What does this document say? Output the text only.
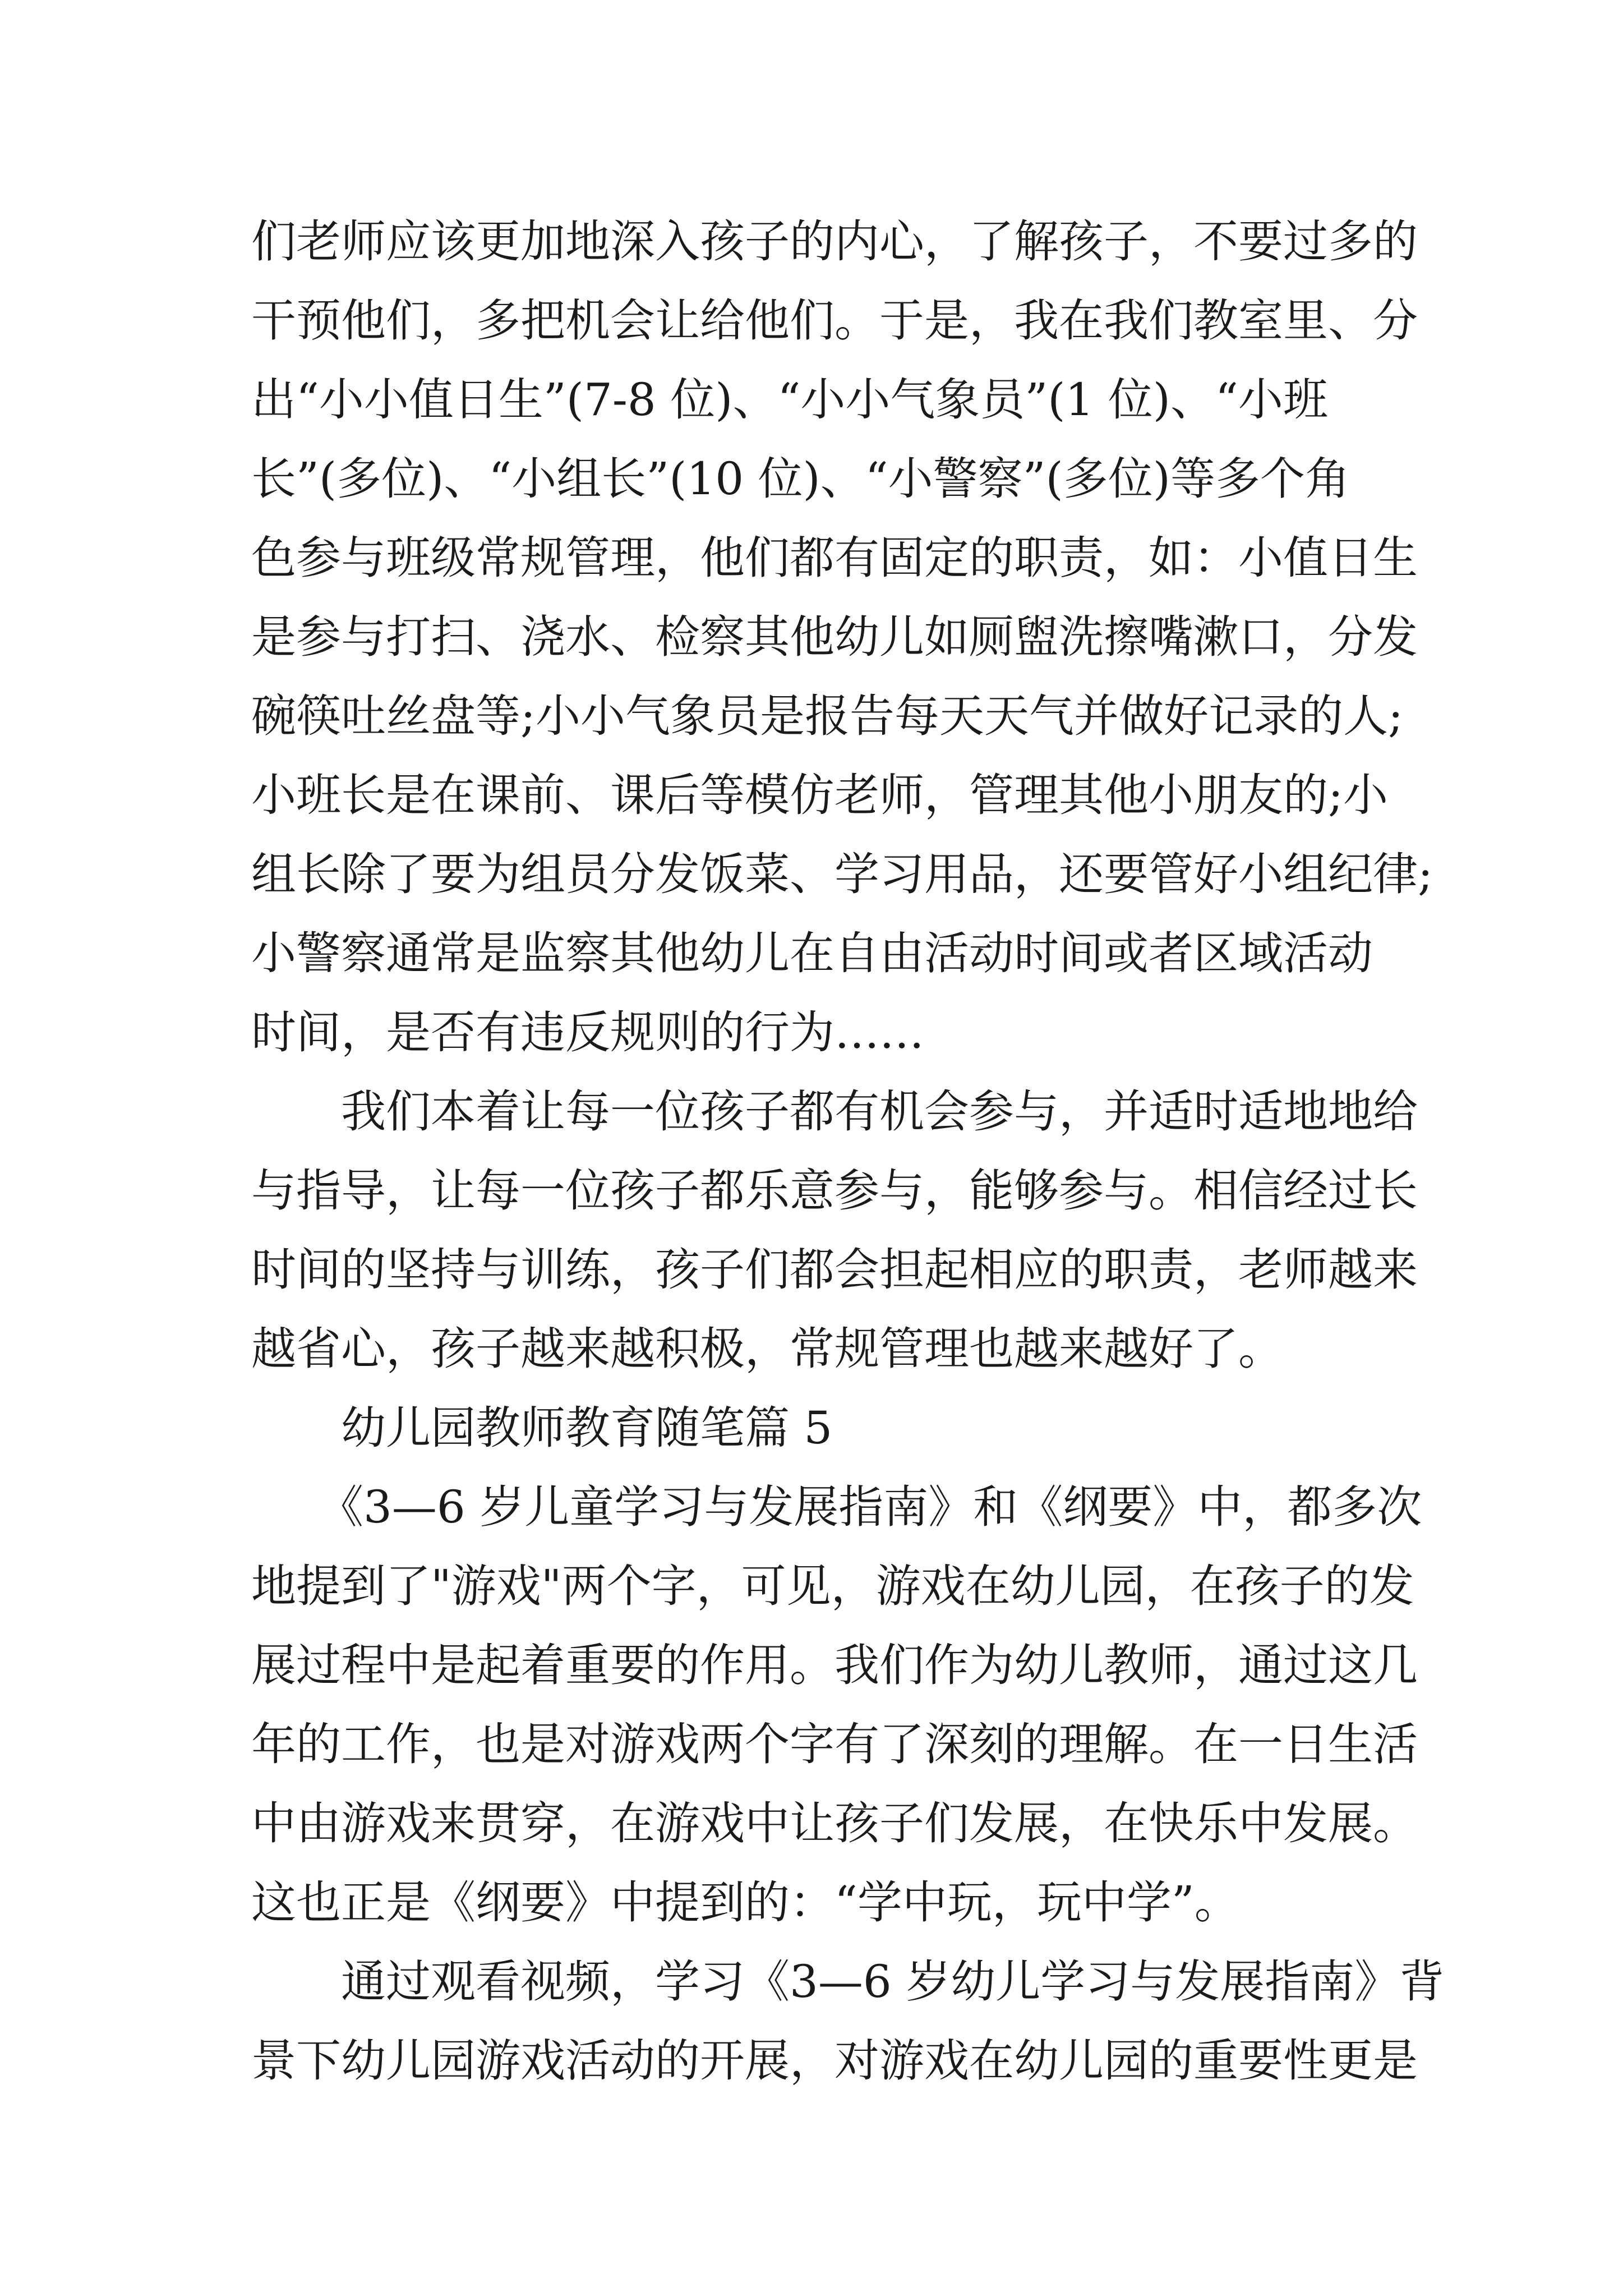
们老师应该更加地深入孩子的内心，了解孩子，不要过多的
干预他们，多把机会让给他们。于是，我在我们教室里、分
出“小小值日生”(7-8 位)、“小小气象员”(1 位)、“小班
长”(多位)、“小组长”(10 位)、“小警察”(多位)等多个角
色参与班级常规管理，他们都有固定的职责，如：小值日生
是参与打扫、浇水、检察其他幼儿如厕盥洗擦嘴漱口，分发
碗筷吐丝盘等;小小气象员是报告每天天气并做好记录的人;
小班长是在课前、课后等模仿老师，管理其他小朋友的;小
组长除了要为组员分发饭菜、学习用品，还要管好小组纪律;
小警察通常是监察其他幼儿在自由活动时间或者区域活动
时间，是否有违反规则的行为……
　　我们本着让每一位孩子都有机会参与，并适时适地地给
与指导，让每一位孩子都乐意参与，能够参与。相信经过长
时间的坚持与训练，孩子们都会担起相应的职责，老师越来
越省心，孩子越来越积极，常规管理也越来越好了。
　　幼儿园教师教育随笔篇 5
　　《3—6 岁儿童学习与发展指南》和《纲要》中，都多次
地提到了"游戏"两个字，可见，游戏在幼儿园，在孩子的发
展过程中是起着重要的作用。我们作为幼儿教师，通过这几
年的工作，也是对游戏两个字有了深刻的理解。在一日生活
中由游戏来贯穿，在游戏中让孩子们发展，在快乐中发展。
这也正是《纲要》中提到的：“学中玩，玩中学”。
　　通过观看视频，学习《3—6 岁幼儿学习与发展指南》背
景下幼儿园游戏活动的开展，对游戏在幼儿园的重要性更是
